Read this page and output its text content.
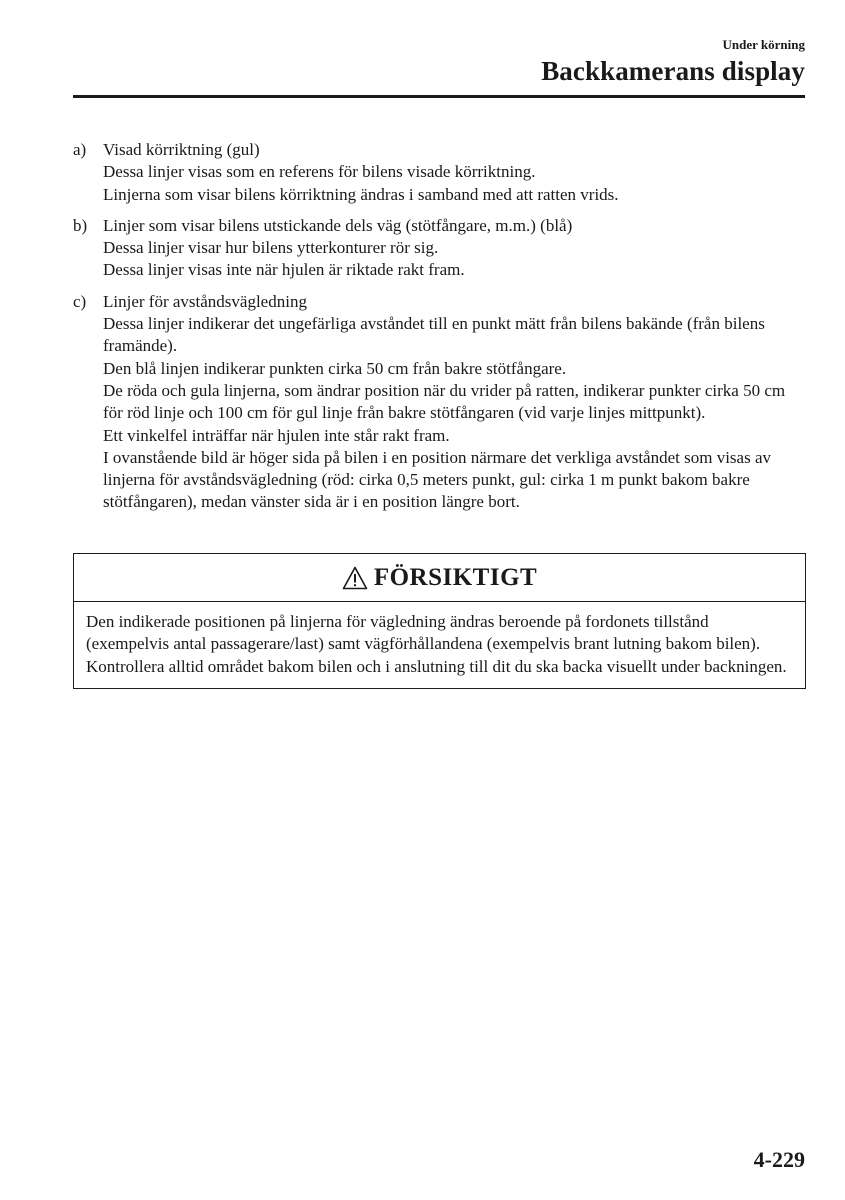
Under körning
Backkamerans display
a) Visad körriktning (gul)

Dessa linjer visas som en referens för bilens visade körriktning.

Linjerna som visar bilens körriktning ändras i samband med att ratten vrids.

b) Linjer som visar bilens utstickande dels väg (stötfångare, m.m.) (blå)

Dessa linjer visar hur bilens ytterkonturer rör sig.

Dessa linjer visas inte när hjulen är riktade rakt fram.

c) Linjer för avståndsvägledning

Dessa linjer indikerar det ungefärliga avståndet till en punkt mätt från bilens bakände (från bilens framände).

Den blå linjen indikerar punkten cirka 50 cm från bakre stötfångare.

De röda och gula linjerna, som ändrar position när du vrider på ratten, indikerar punkter cirka 50 cm för röd linje och 100 cm för gul linje från bakre stötfångaren (vid varje linjes mittpunkt).

Ett vinkelfel inträffar när hjulen inte står rakt fram.

I ovanstående bild är höger sida på bilen i en position närmare det verkliga avståndet som visas av linjerna för avståndsvägledning (röd: cirka 0,5 meters punkt, gul: cirka 1 m punkt bakom bakre stötfångaren), medan vänster sida är i en position längre bort.

FÖRSIKTIGT

Den indikerade positionen på linjerna för vägledning ändras beroende på fordonets tillstånd (exempelvis antal passagerare/last) samt vägförhållandena (exempelvis brant lutning bakom bilen).

Kontrollera alltid området bakom bilen och i anslutning till dit du ska backa visuellt under backningen.

4-229
